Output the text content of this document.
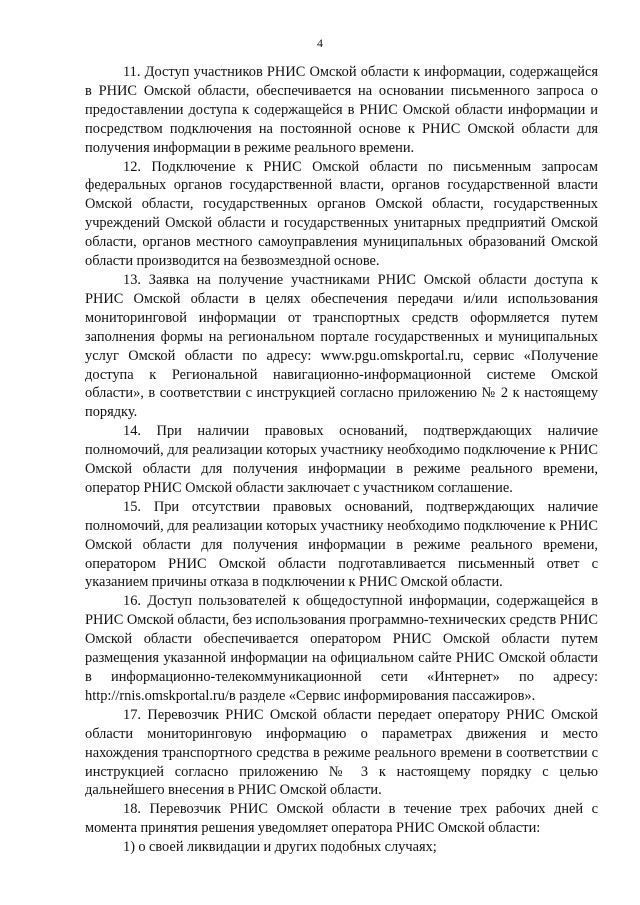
4

11. Доступ участников РНИС Омской области к информации, содержащейся в РНИС Омской области, обеспечивается на основании письменного запроса о предоставлении доступа к содержащейся в РНИС Омской области информации и посредством подключения на постоянной основе к РНИС Омской области для получения информации в режиме реального времени.

12. Подключение к РНИС Омской области по письменным запросам федеральных органов государственной власти, органов государственной власти Омской области, государственных органов Омской области, государственных учреждений Омской области и государственных унитарных предприятий Омской области, органов местного самоуправления муниципальных образований Омской области производится на безвозмездной основе.

13. Заявка на получение участниками РНИС Омской области доступа к РНИС Омской области в целях обеспечения передачи и/или использования мониторинговой информации от транспортных средств оформляется путем заполнения формы на региональном портале государственных и муниципальных услуг Омской области по адресу: www.pgu.omskportal.ru, сервис «Получение доступа к Региональной навигационно-информационной системе Омской области», в соответствии с инструкцией согласно приложению № 2 к настоящему порядку.

14. При наличии правовых оснований, подтверждающих наличие полномочий, для реализации которых участнику необходимо подключение к РНИС Омской области для получения информации в режиме реального времени, оператор РНИС Омской области заключает с участником соглашение.

15. При отсутствии правовых оснований, подтверждающих наличие полномочий, для реализации которых участнику необходимо подключение к РНИС Омской области для получения информации в режиме реального времени, оператором РНИС Омской области подготавливается письменный ответ с указанием причины отказа в подключении к РНИС Омской области.

16. Доступ пользователей к общедоступной информации, содержащейся в РНИС Омской области, без использования программно-технических средств РНИС Омской области обеспечивается оператором РНИС Омской области путем размещения указанной информации на официальном сайте РНИС Омской области в информационно-телекоммуникационной сети «Интернет» по адресу: http://rnis.omskportal.ru/в разделе «Сервис информирования пассажиров».

17. Перевозчик РНИС Омской области передает оператору РНИС Омской области мониторинговую информацию о параметрах движения и место нахождения транспортного средства в режиме реального времени в соответствии с инструкцией согласно приложению № 3 к настоящему порядку с целью дальнейшего внесения в РНИС Омской области.

18. Перевозчик РНИС Омской области в течение трех рабочих дней с момента принятия решения уведомляет оператора РНИС Омской области:

1) о своей ликвидации и других подобных случаях;
